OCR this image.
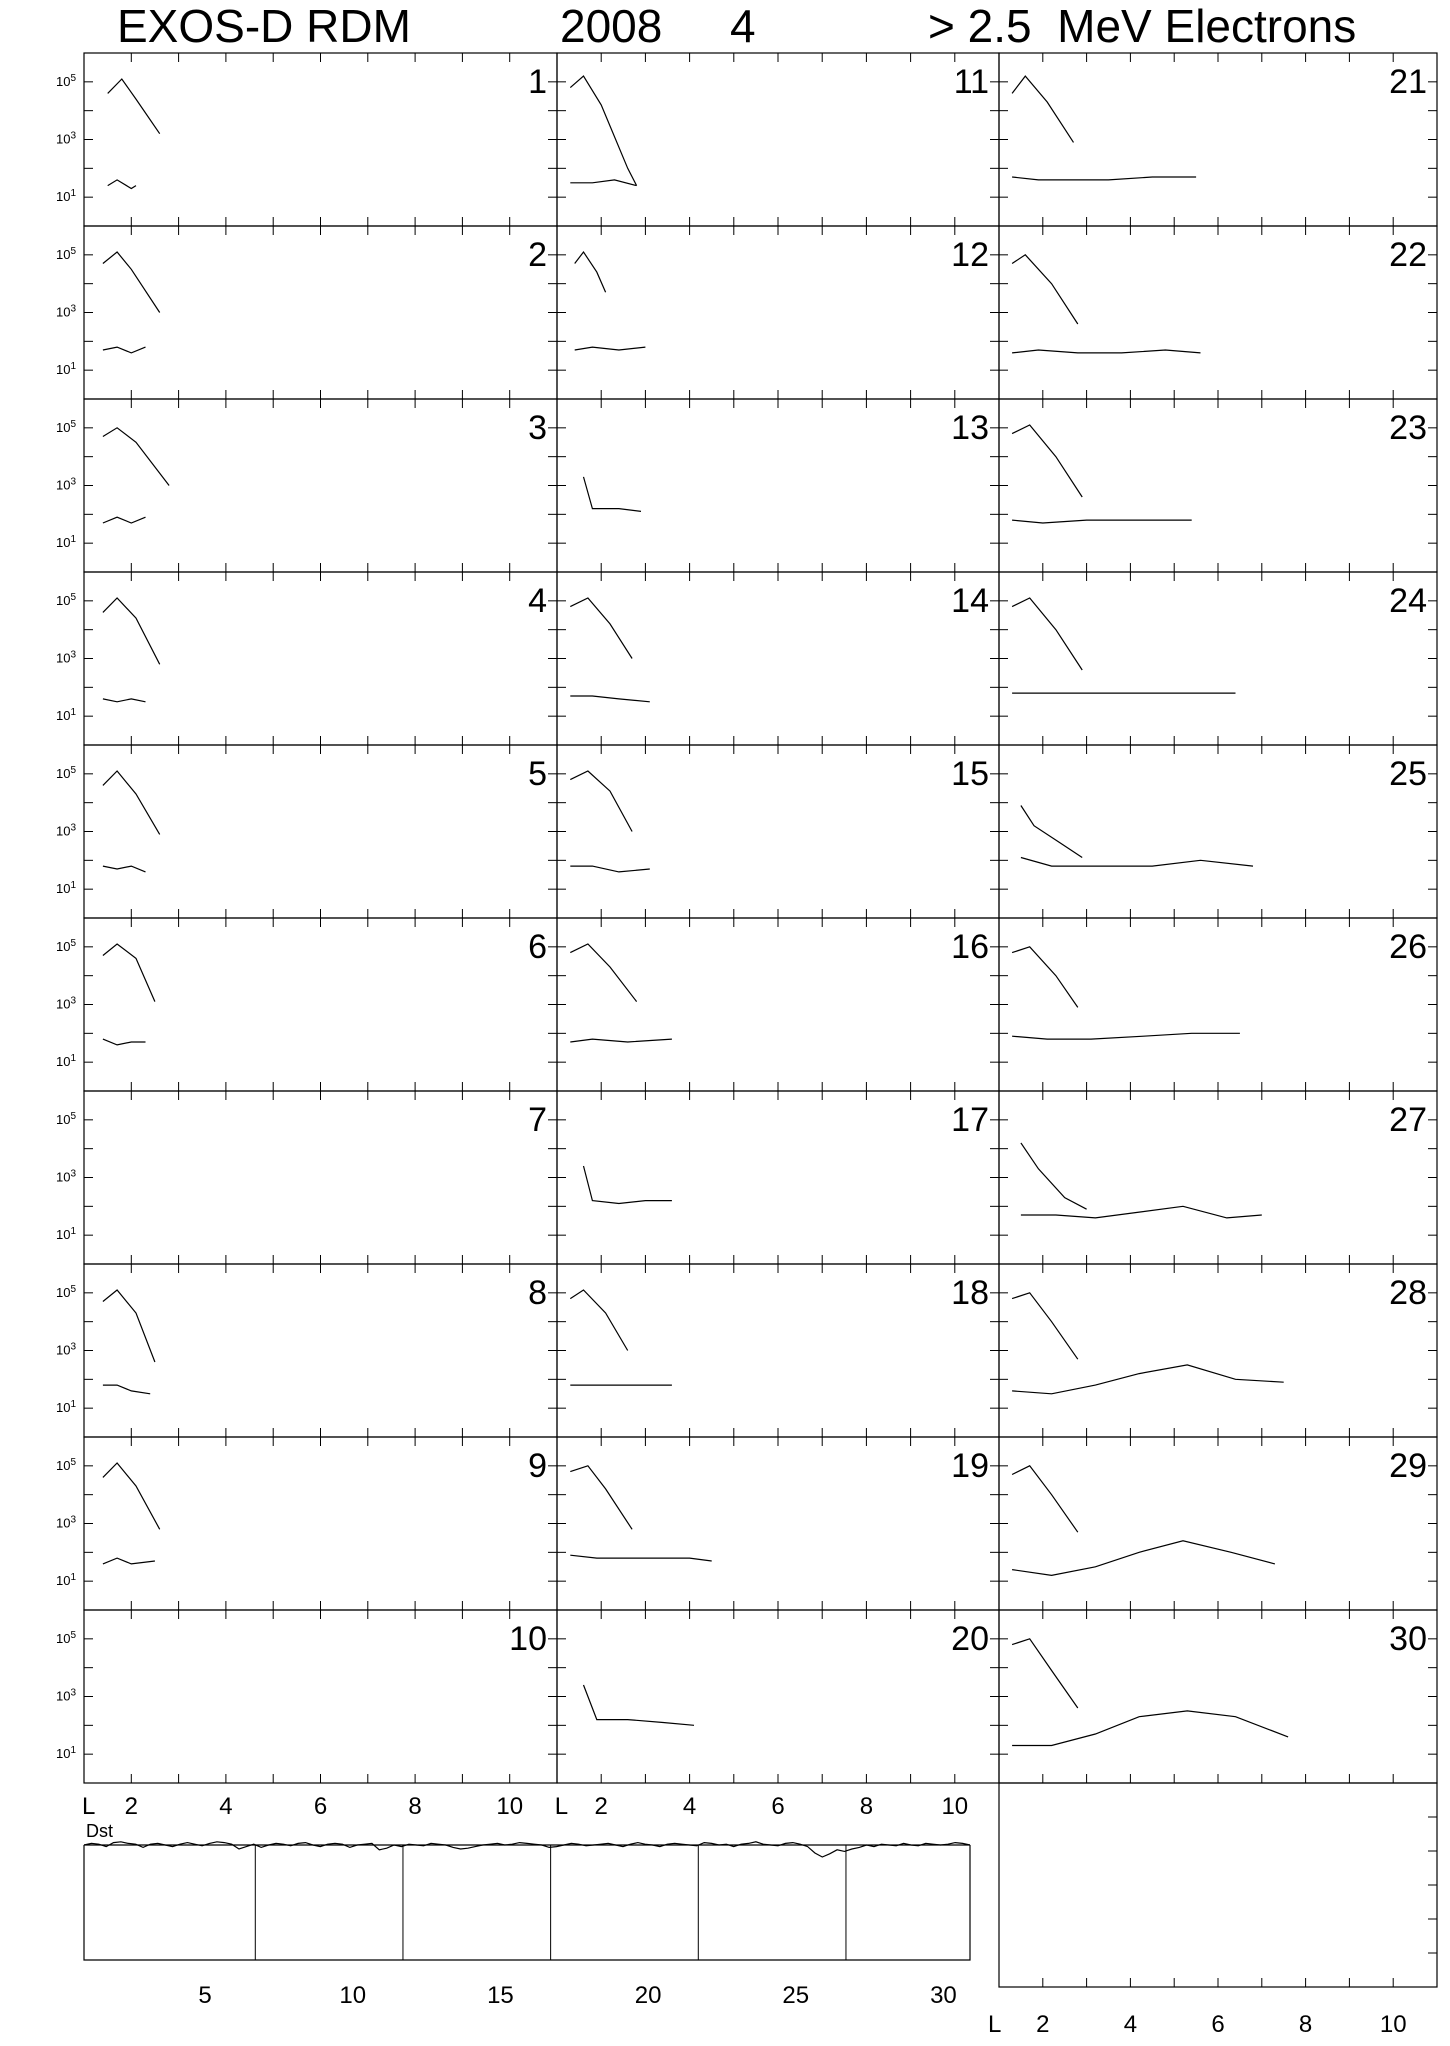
EXOS-D RDM	2008 4	> 2.5  MeV Electrons
$10^5$
$10^3$
$10^1$
1
$10^5$
$10^3$
$10^1$
2
$10^5$
$10^3$
$10^1$
3
$10^5$
$10^3$
$10^1$
4
$10^5$
$10^3$
$10^1$
5
$10^5$
$10^3$
$10^1$
6
$10^5$
$10^3$
$10^1$
7
$10^5$
$10^3$
$10^1$
8
$10^5$
$10^3$
$10^1$
9
$10^5$
$10^3$
$10^1$
10
11
12
13
14
15
16
17
18
19
20
21
22
23
24
25
26
27
28
29
30
L 2	4	6	8	10 L 2	4	6	8	10
Dst
5	10	15	20	25	30
L 2	4	6	8	10
